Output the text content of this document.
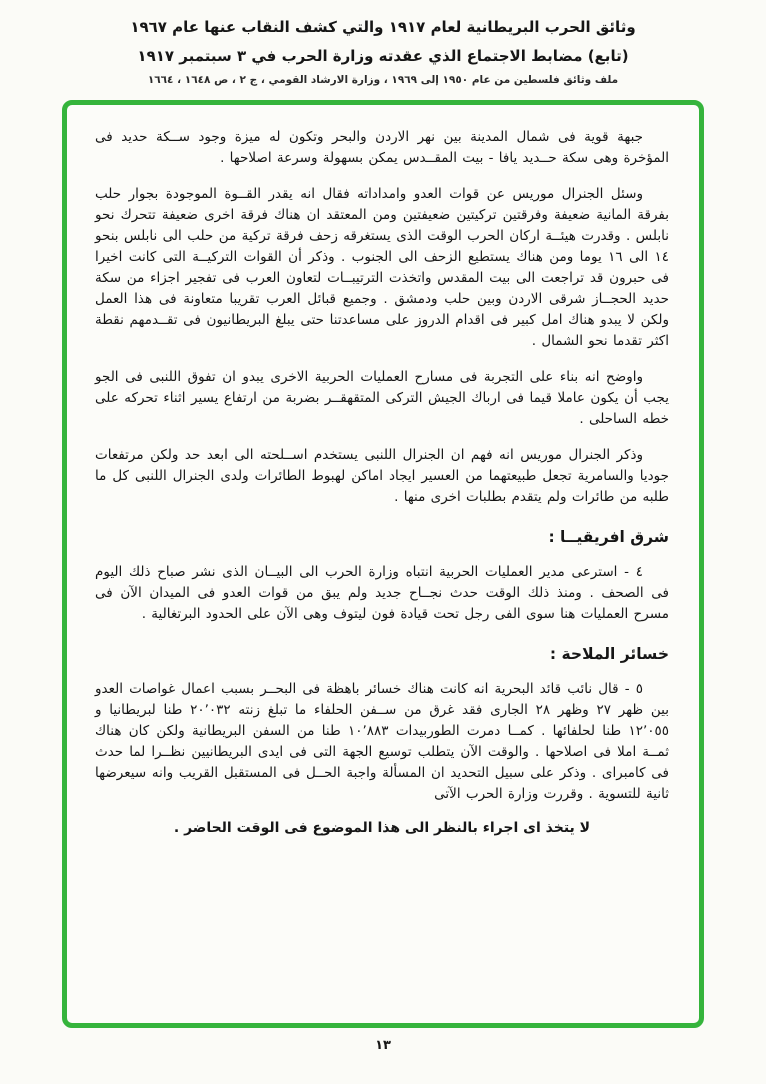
وثائق الحرب البريطانية لعام ١٩١٧ والتي كشف النقاب عنها عام ١٩٦٧
(تابع) مضابط الاجتماع الذي عقدته وزارة الحرب في ٣ سبتمبر ١٩١٧
ملف وثائق فلسطين من عام ١٩٥٠ إلى ١٩٦٩ ، وزارة الارشاد القومي ، ج ٢ ، ص ١٦٤٨ ، ١٦٦٤

جبهة قوية فى شمال المدينة بين نهر الاردن والبحر وتكون له ميزة وجود ســكة حديد فى المؤخرة وهى سكة حــديد يافا - بيت المقــدس يمكن بسهولة وسرعة اصلاحها .

وسئل الجنرال موريس عن قوات العدو وامداداته فقال انه يقدر القــوة الموجودة بجوار حلب بفرقة المانية ضعيفة وفرقتين تركيتين ضعيفتين ومن المعتقد ان هناك فرقة اخرى ضعيفة تتحرك نحو نابلس . وقدرت هيئــة اركان الحرب الوقت الذى يستغرقه زحف فرقة تركية من حلب الى نابلس بنحو ١٤ الى ١٦ يوما ومن هناك يستطيع الزحف الى الجنوب . وذكر أن القوات التركيــة التى كانت اخيرا فى حبرون قد تراجعت الى بيت المقدس واتخذت الترتيبــات لتعاون العرب فى تفجير اجزاء من سكة حديد الحجــاز شرقى الاردن وبين حلب ودمشق . وجميع قبائل العرب تقريبا متعاونة فى هذا العمل ولكن لا يبدو هناك امل كبير فى اقدام الدروز على مساعدتنا حتى يبلغ البريطانيون فى تقــدمهم نقطة اكثر تقدما نحو الشمال .

واوضح انه بناء على التجربة فى مسارح العمليات الحربية الاخرى يبدو ان تفوق اللنبى فى الجو يجب أن يكون عاملا قيما فى ارباك الجيش التركى المتقهقــر بضربة من ارتفاع يسير اثناء تحركه على خطه الساحلى .

وذكر الجنرال موريس انه فهم ان الجنرال اللنبى يستخدم اســلحته الى ابعد حد ولكن مرتفعات جوديا والسامرية تجعل طبيعتهما من العسير ايجاد اماكن لهبوط الطائرات ولدى الجنرال اللنبى كل ما طلبه من طائرات ولم يتقدم بطلبات اخرى منها .

شرق افريقيــا :

٤ - استرعى مدير العمليات الحربية انتباه وزارة الحرب الى البيــان الذى نشر صباح ذلك اليوم فى الصحف . ومنذ ذلك الوقت حدث نجــاح جديد ولم يبق من قوات العدو فى الميدان الآن فى مسرح العمليات هنا سوى الفى رجل تحت قيادة فون ليتوف وهى الآن على الحدود البرتغالية .

خسائر الملاحة :

٥ - قال نائب قائد البحرية انه كانت هناك خسائر باهظة فى البحــر بسبب اعمال غواصات العدو بين ظهر ٢٧ وظهر ٢٨ الجارى فقد غرق من ســفن الحلفاء ما تبلغ زنته ٢٠٬٠٣٢ طنا لبريطانيا و ١٢٬٠٥٥ طنا لحلفائها . كمــا دمرت الطوربيدات ١٠٬٨٨٣ طنا من السفن البريطانية ولكن كان هناك ثمــة املا فى اصلاحها . والوقت الآن يتطلب توسيع الجهة التى فى ايدى البريطانيين نظــرا لما حدث فى كامبراى . وذكر على سبيل التحديد ان المسألة واجبة الحــل فى المستقبل القريب وانه سيعرضها ثانية للتسوية . وقررت وزارة الحرب الآتى

لا يتخذ اى اجراء بالنظر الى هذا الموضوع فى الوقت الحاضر .

١٣
